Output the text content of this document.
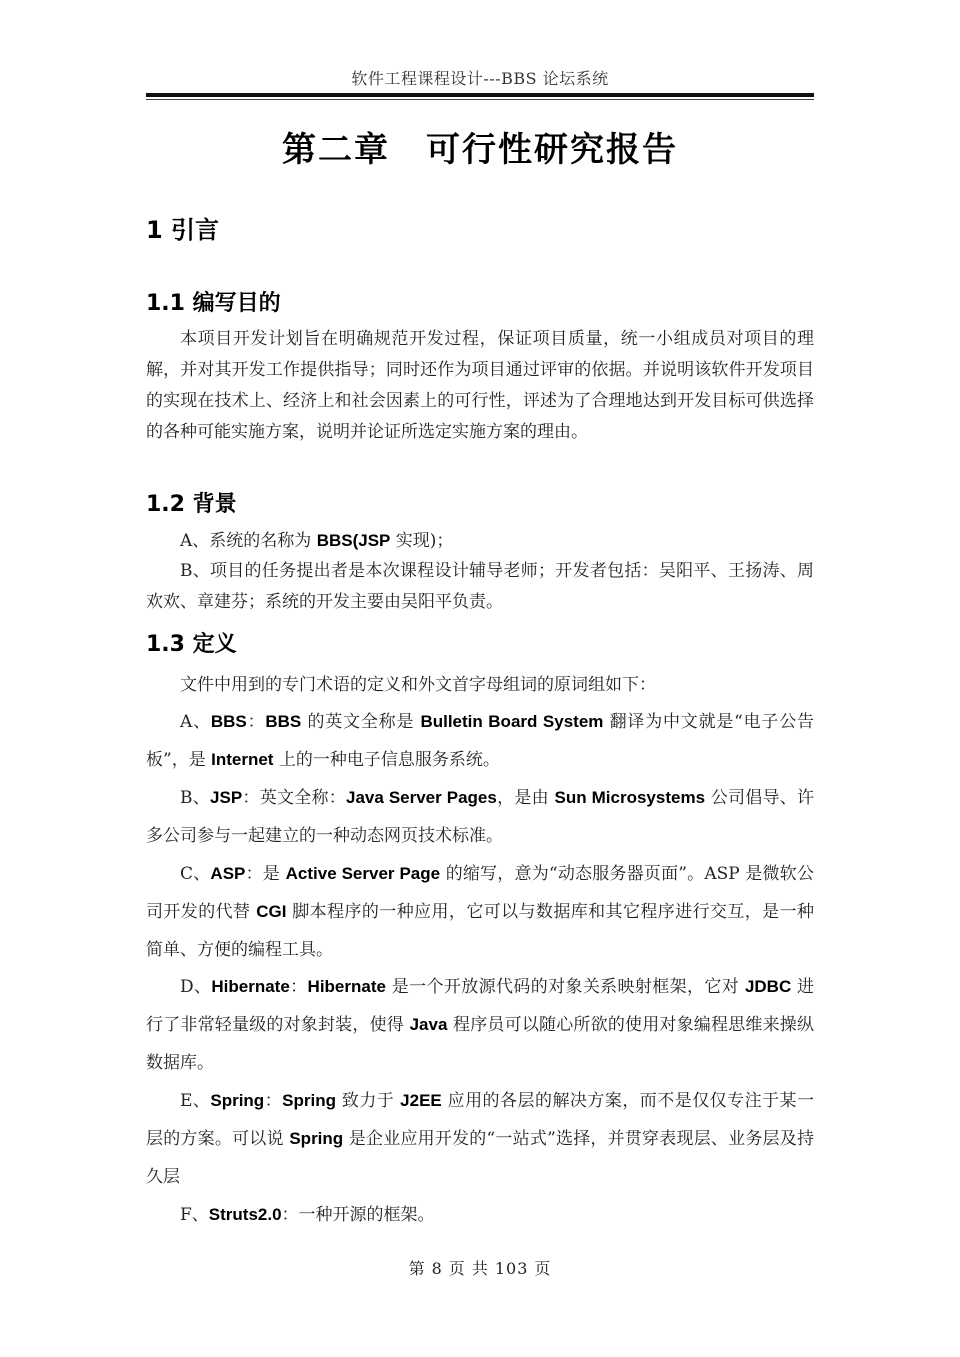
软件工程课程设计---BBS 论坛系统
第二章　可行性研究报告
1 引言
1.1 编写目的
本项目开发计划旨在明确规范开发过程，保证项目质量，统一小组成员对项目的理解，并对其开发工作提供指导；同时还作为项目通过评审的依据。并说明该软件开发项目的实现在技术上、经济上和社会因素上的可行性，评述为了合理地达到开发目标可供选择的各种可能实施方案，说明并论证所选定实施方案的理由。
1.2 背景
A、系统的名称为 BBS(JSP 实现)；
B、项目的任务提出者是本次课程设计辅导老师；开发者包括：吴阳平、王扬涛、周欢欢、章建芬；系统的开发主要由吴阳平负责。
1.3 定义
文件中用到的专门术语的定义和外文首字母组词的原词组如下：
A、BBS：BBS 的英文全称是 Bulletin Board System 翻译为中文就是“电子公告板”，是 Internet 上的一种电子信息服务系统。
B、JSP：英文全称：Java Server Pages，是由 Sun Microsystems 公司倡导、许多公司参与一起建立的一种动态网页技术标准。
C、ASP：是 Active Server Page 的缩写，意为“动态服务器页面”。ASP 是微软公司开发的代替 CGI 脚本程序的一种应用，它可以与数据库和其它程序进行交互，是一种简单、方便的编程工具。
D、Hibernate：Hibernate 是一个开放源代码的对象关系映射框架，它对 JDBC 进行了非常轻量级的对象封装，使得 Java 程序员可以随心所欲的使用对象编程思维来操纵数据库。
E、Spring：Spring 致力于 J2EE 应用的各层的解决方案，而不是仅仅专注于某一层的方案。可以说 Spring 是企业应用开发的“一站式”选择，并贯穿表现层、业务层及持久层
F、Struts2.0：一种开源的框架。
第 8 页 共 103 页
